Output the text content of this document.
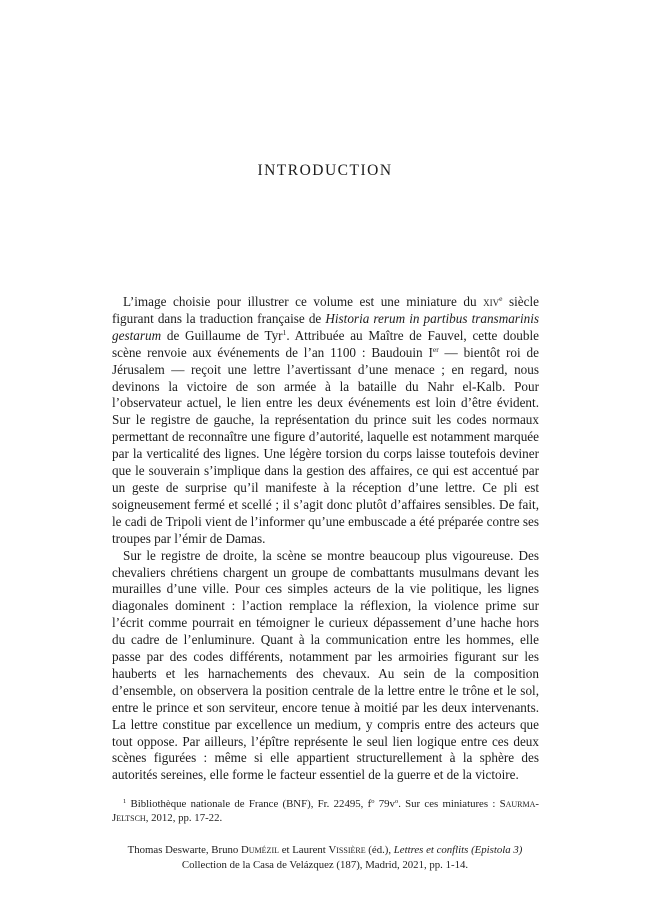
INTRODUCTION

L’image choisie pour illustrer ce volume est une miniature du xiv$^e$ siècle figurant dans la traduction française de Historia rerum in partibus transmarinis gestarum de Guillaume de Tyr$^1$. Attribuée au Maître de Fauvel, cette double scène renvoie aux événements de l’an 1100 : Baudouin Ier — bientôt roi de Jérusalem — reçoit une lettre l’avertissant d’une menace ; en regard, nous devinons la victoire de son armée à la bataille du Nahr el-Kalb. Pour l’observateur actuel, le lien entre les deux événements est loin d’être évident. Sur le registre de gauche, la représentation du prince suit les codes normaux permettant de reconnaître une figure d’autorité, laquelle est notamment marquée par la verticalité des lignes. Une légère torsion du corps laisse toutefois deviner que le souverain s’implique dans la gestion des affaires, ce qui est accentué par un geste de surprise qu’il manifeste à la réception d’une lettre. Ce pli est soigneusement fermé et scellé ; il s’agit donc plutôt d’affaires sensibles. De fait, le cadi de Tripoli vient de l’informer qu’une embuscade a été préparée contre ses troupes par l’émir de Damas.

Sur le registre de droite, la scène se montre beaucoup plus vigoureuse. Des chevaliers chrétiens chargent un groupe de combattants musulmans devant les murailles d’une ville. Pour ces simples acteurs de la vie politique, les lignes diagonales dominent : l’action remplace la réflexion, la violence prime sur l’écrit comme pourrait en témoigner le curieux dépassement d’une hache hors du cadre de l’enluminure. Quant à la communication entre les hommes, elle passe par des codes différents, notamment par les armoiries figurant sur les hauberts et les harnachements des chevaux. Au sein de la composition d’ensemble, on observera la position centrale de la lettre entre le trône et le sol, entre le prince et son serviteur, encore tenue à moitié par les deux intervenants. La lettre constitue par excellence un medium, y compris entre des acteurs que tout oppose. Par ailleurs, l’épître représente le seul lien logique entre ces deux scènes figurées : même si elle appartient structurellement à la sphère des autorités sereines, elle forme le facteur essentiel de la guerre et de la victoire.

$^1$ Bibliothèque nationale de France (BNF), Fr. 22495, $f^o$ $79v^o$. Sur ces miniatures : Saurma-Jeltsch, 2012, pp. 17-22.
Thomas Deswarte, Bruno Dumézil et Laurent Vissière (éd.), Lettres et conflits (Epistola 3)
Collection de la Casa de Velázquez (187), Madrid, 2021, pp. 1-14.
